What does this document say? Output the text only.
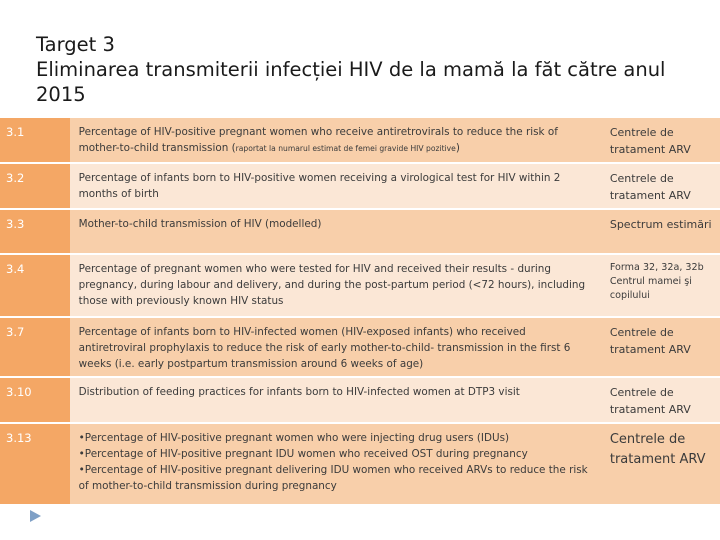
Target 3
Eliminarea transmiterii infecției HIV de la mamă la făt către anul
2015
3.1	Percentage of HIV-positive pregnant women who receive antiretrovirals to reduce the risk of mother-to-child transmission (raportat la numarul estimat de femei gravide HIV pozitive)	Centrele de tratament ARV
3.2	Percentage of infants born to HIV-positive women receiving a virological test for HIV within 2 months of birth	Centrele de tratament ARV
3.3	Mother-to-child transmission of HIV (modelled)	Spectrum estimări
3.4	Percentage of pregnant women who were tested for HIV and received their results - during pregnancy, during labour and delivery, and during the post-partum period (<72 hours), including those with previously known HIV status	Forma 32, 32a, 32b Centrul mamei şi copilului
3.7	Percentage of infants born to HIV-infected women (HIV-exposed infants) who received antiretroviral prophylaxis to reduce the risk of early mother-to-child- transmission in the first 6 weeks (i.e. early postpartum transmission around 6 weeks of age)	Centrele de tratament ARV
3.10	Distribution of feeding practices for infants born to HIV-infected women at DTP3 visit	Centrele de tratament ARV
3.13	•Percentage of HIV-positive pregnant women who were injecting drug users (IDUs)
•Percentage of HIV-positive pregnant IDU women who received OST during pregnancy
•Percentage of HIV-positive pregnant delivering IDU women who received ARVs to reduce the risk of mother-to-child transmission during pregnancy	Centrele de tratament ARV
